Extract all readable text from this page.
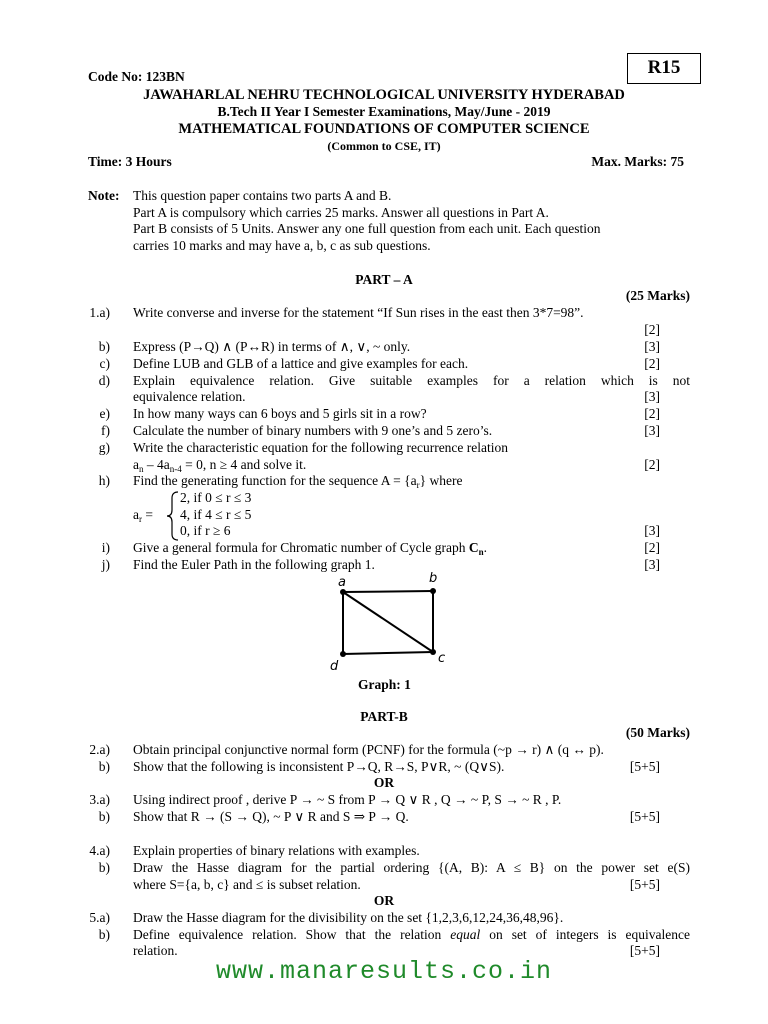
R15
Code No: 123BN
JAWAHARLAL NEHRU TECHNOLOGICAL UNIVERSITY HYDERABAD
B.Tech II Year I Semester Examinations, May/June - 2019
MATHEMATICAL FOUNDATIONS OF COMPUTER SCIENCE
(Common to CSE, IT)
Time: 3 Hours	Max. Marks: 75
Note: This question paper contains two parts A and B.
Part A is compulsory which carries 25 marks. Answer all questions in Part A.
Part B consists of 5 Units. Answer any one full question from each unit. Each question
carries 10 marks and may have a, b, c as sub questions.
PART – A
(25 Marks)
1.a) Write converse and inverse for the statement “If Sun rises in the east then 3*7=98”.
[2]
b) Express (P→Q) ∧ (P↔R) in terms of ∧, ∨, ~ only.	[3]
c) Define LUB and GLB of a lattice and give examples for each.	[2]
d) Explain equivalence relation. Give suitable examples for a relation which is not
equivalence relation.	[3]
e) In how many ways can 6 boys and 5 girls sit in a row?	[2]
f) Calculate the number of binary numbers with 9 one’s and 5 zero’s.	[3]
g) Write the characteristic equation for the following recurrence relation
$a_n - 4a_{n-4} = 0$, n ≥ 4 and solve it.	[2]
h) Find the generating function for the sequence $A = \{a_r\}$ where
$a_r$ =
2, if 0 ≤ r ≤ 3
4, if 4 ≤ r ≤ 5
0, if r ≥ 6	[3]
i) Give a general formula for Chromatic number of Cycle graph $C_n$.	[2]
j) Find the Euler Path in the following graph 1.	[3]
a	b
c
d
Graph: 1
PART-B
(50 Marks)
2.a) Obtain principal conjunctive normal form (PCNF) for the formula (~p → r) ∧ (q ↔ p).
b) Show that the following is inconsistent P→Q, R→S, P∨R, ~ (Q∨S).	[5+5]
OR
3.a) Using indirect proof , derive P → ~ S from P → Q ∨ R , Q → ~ P, S → ~ R , P.
b) Show that R → (S → Q), ~ P ∨ R and S ⇒ P → Q.	[5+5]
4.a) Explain properties of binary relations with examples.
b) Draw the Hasse diagram for the partial ordering {(A, B): A ≤ B} on the power set e(S)
where S={a, b, c} and ≤ is subset relation.	[5+5]
OR
5.a) Draw the Hasse diagram for the divisibility on the set {1,2,3,6,12,24,36,48,96}.
b) Define equivalence relation. Show that the relation equal on set of integers is equivalence
relation.	[5+5]
www.manaresults.co.in
